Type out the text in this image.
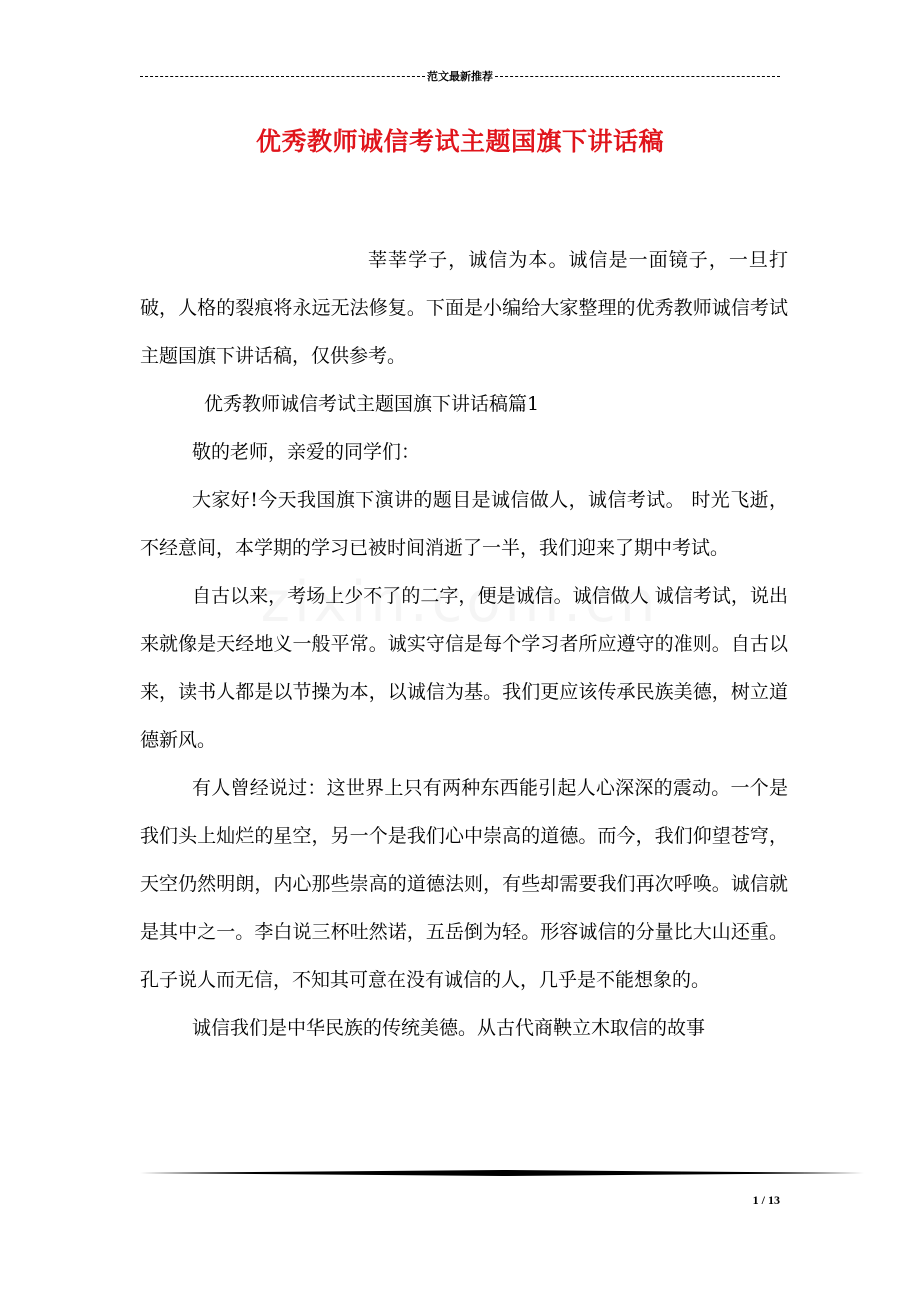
范文最新推荐
优秀教师诚信考试主题国旗下讲话稿

莘莘学子，诚信为本。诚信是一面镜子，一旦打破，人格的裂痕将永远无法修复。下面是小编给大家整理的优秀教师诚信考试主题国旗下讲话稿，仅供参考。

优秀教师诚信考试主题国旗下讲话稿篇1

敬的老师，亲爱的同学们：

大家好!今天我国旗下演讲的题目是诚信做人，诚信考试。 时光飞逝，不经意间，本学期的学习已被时间消逝了一半，我们迎来了期中考试。

自古以来，考场上少不了的二字，便是诚信。诚信做人 诚信考试，说出来就像是天经地义一般平常。诚实守信是每个学习者所应遵守的准则。自古以来，读书人都是以节操为本，以诚信为基。我们更应该传承民族美德，树立道德新风。

有人曾经说过：这世界上只有两种东西能引起人心深深的震动。一个是我们头上灿烂的星空，另一个是我们心中崇高的道德。而今，我们仰望苍穹，天空仍然明朗，内心那些崇高的道德法则，有些却需要我们再次呼唤。诚信就是其中之一。李白说三杯吐然诺，五岳倒为轻。形容诚信的分量比大山还重。孔子说人而无信，不知其可意在没有诚信的人，几乎是不能想象的。

诚信我们是中华民族的传统美德。从古代商鞅立木取信的故事

1 / 13
